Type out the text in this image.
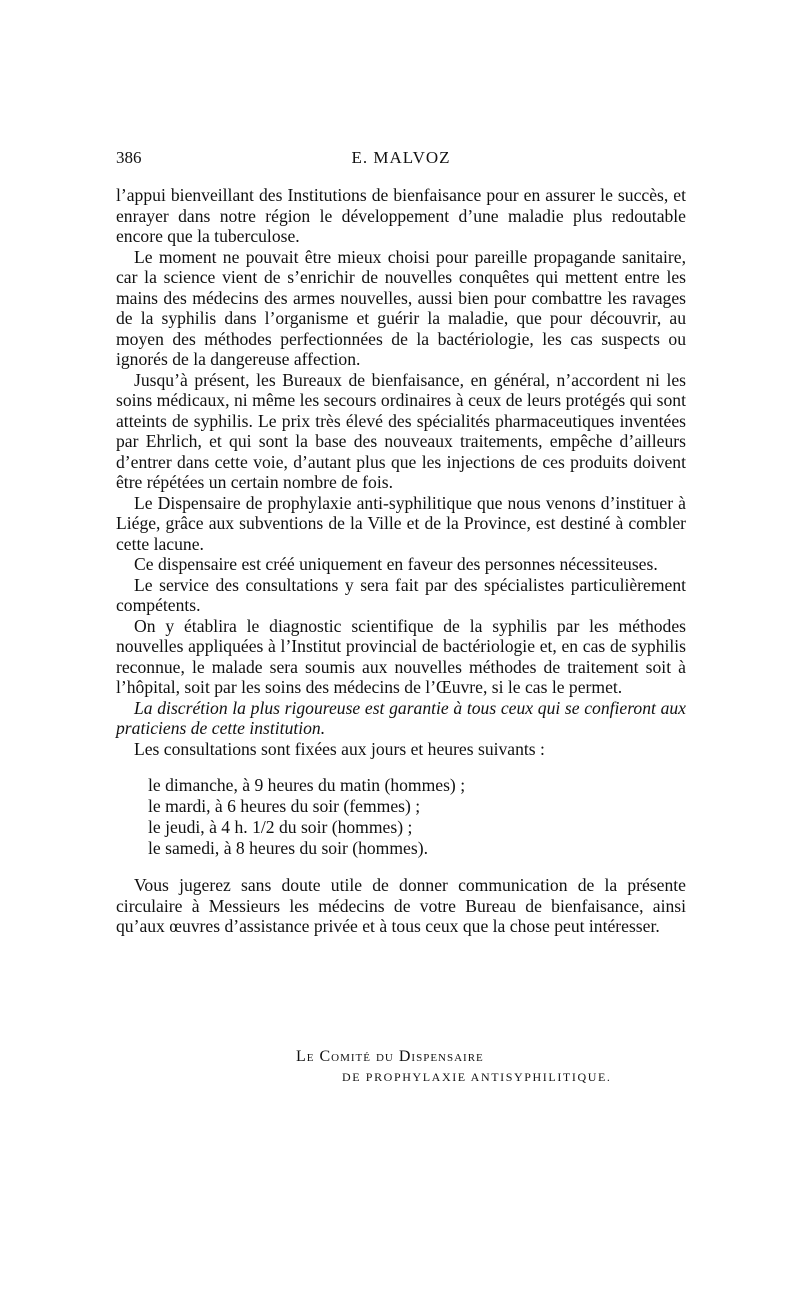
386	E. MALVOZ

l’appui bienveillant des Institutions de bienfaisance pour en assurer le succès, et enrayer dans notre région le développement d’une maladie plus redoutable encore que la tuberculose.

Le moment ne pouvait être mieux choisi pour pareille propagande sanitaire, car la science vient de s’enrichir de nouvelles conquêtes qui mettent entre les mains des médecins des armes nouvelles, aussi bien pour combattre les ravages de la syphilis dans l’organisme et guérir la maladie, que pour découvrir, au moyen des méthodes perfectionnées de la bactériologie, les cas suspects ou ignorés de la dangereuse affection.

Jusqu’à présent, les Bureaux de bienfaisance, en général, n’accordent ni les soins médicaux, ni même les secours ordinaires à ceux de leurs protégés qui sont atteints de syphilis. Le prix très élevé des spécialités pharmaceutiques inventées par Ehrlich, et qui sont la base des nouveaux traitements, empêche d’ailleurs d’entrer dans cette voie, d’autant plus que les injections de ces produits doivent être répétées un certain nombre de fois.

Le Dispensaire de prophylaxie anti-syphilitique que nous venons d’instituer à Liége, grâce aux subventions de la Ville et de la Province, est destiné à combler cette lacune.

Ce dispensaire est créé uniquement en faveur des personnes nécessiteuses.

Le service des consultations y sera fait par des spécialistes particulièrement compétents.

On y établira le diagnostic scientifique de la syphilis par les méthodes nouvelles appliquées à l’Institut provincial de bactériologie et, en cas de syphilis reconnue, le malade sera soumis aux nouvelles méthodes de traitement soit à l’hôpital, soit par les soins des médecins de l’Œuvre, si le cas le permet.

La discrétion la plus rigoureuse est garantie à tous ceux qui se confieront aux praticiens de cette institution.

Les consultations sont fixées aux jours et heures suivants :

le dimanche, à 9 heures du matin (hommes) ;
le mardi, à 6 heures du soir (femmes) ;
le jeudi, à 4 h. 1/2 du soir (hommes) ;
le samedi, à 8 heures du soir (hommes).

Vous jugerez sans doute utile de donner communication de la présente circulaire à Messieurs les médecins de votre Bureau de bienfaisance, ainsi qu’aux œuvres d’assistance privée et à tous ceux que la chose peut intéresser.

Le Comité du Dispensaire
DE PROPHYLAXIE ANTISYPHILITIQUE.
